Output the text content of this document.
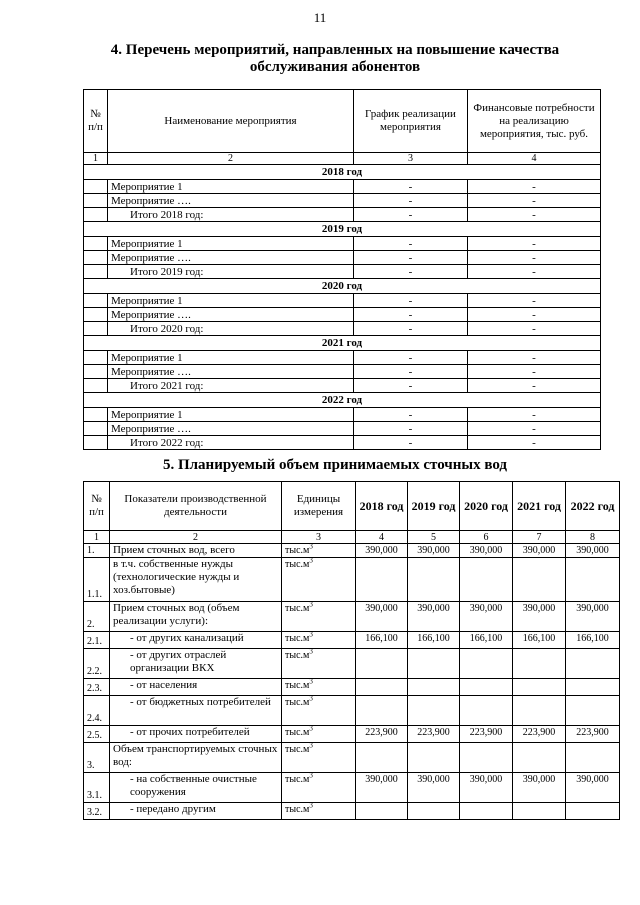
11
4. Перечень мероприятий, направленных на повышение качества
обслуживания абонентов
№ п/п	Наименование мероприятия	График реализации мероприятия	Финансовые потребности на реализацию мероприятия, тыс. руб.
1	2	3	4
2018 год			
	Мероприятие 1	-	-
	Мероприятие ….	-	-
	Итого 2018 год:	-	-
2019 год			
	Мероприятие 1	-	-
	Мероприятие ….	-	-
	Итого 2019 год:	-	-
2020 год			
	Мероприятие 1	-	-
	Мероприятие ….	-	-
	Итого 2020 год:	-	-
2021 год			
	Мероприятие 1	-	-
	Мероприятие ….	-	-
	Итого 2021 год:	-	-
2022 год			
	Мероприятие 1	-	-
	Мероприятие ….	-	-
	Итого 2022 год:	-	-
5. Планируемый объем принимаемых сточных вод
№ п/п	Показатели производственной деятельности	Единицы измерения	2018 год	2019 год	2020 год	2021 год	2022 год
1	2	3	4	5	6	7	8
1.	Прием сточных вод, всего	$тыс.м^3$	390,000	390,000	390,000	390,000	390,000
1.1.	в т.ч. собственные нужды (технологические нужды и хоз.бытовые)	$тыс.м^3$					
2.	Прием сточных вод (объем реализации услуги):	$тыс.м^3$	390,000	390,000	390,000	390,000	390,000
2.1.	- от других канализаций	$тыс.м^3$	166,100	166,100	166,100	166,100	166,100
2.2.	- от других отраслей организации ВКХ	$тыс.м^3$					
2.3.	- от населения	$тыс.м^3$					
2.4.	- от бюджетных потребителей	$тыс.м^3$					
2.5.	- от прочих потребителей	$тыс.м^3$	223,900	223,900	223,900	223,900	223,900
3.	Объем транспортируемых сточных вод:	$тыс.м^3$					
3.1.	- на собственные очистные сооружения	$тыс.м^3$	390,000	390,000	390,000	390,000	390,000
3.2.	- передано другим	$тыс.м^3$					
